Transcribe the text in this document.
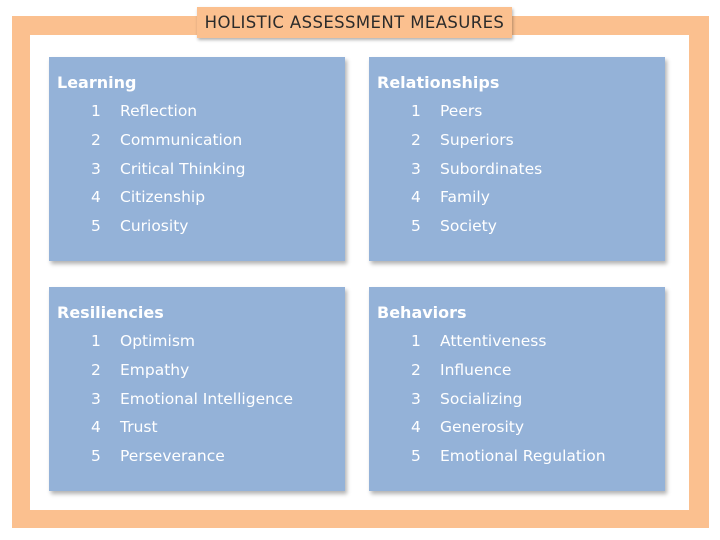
HOLISTIC ASSESSMENT MEASURES
Learning
1 Reflection
2 Communication
3 Critical Thinking
4 Citizenship
5 Curiosity
Relationships
1 Peers
2 Superiors
3 Subordinates
4 Family
5 Society
Resiliencies
1 Optimism
2 Empathy
3 Emotional Intelligence
4 Trust
5 Perseverance
Behaviors
1 Attentiveness
2 Influence
3 Socializing
4 Generosity
5 Emotional Regulation
